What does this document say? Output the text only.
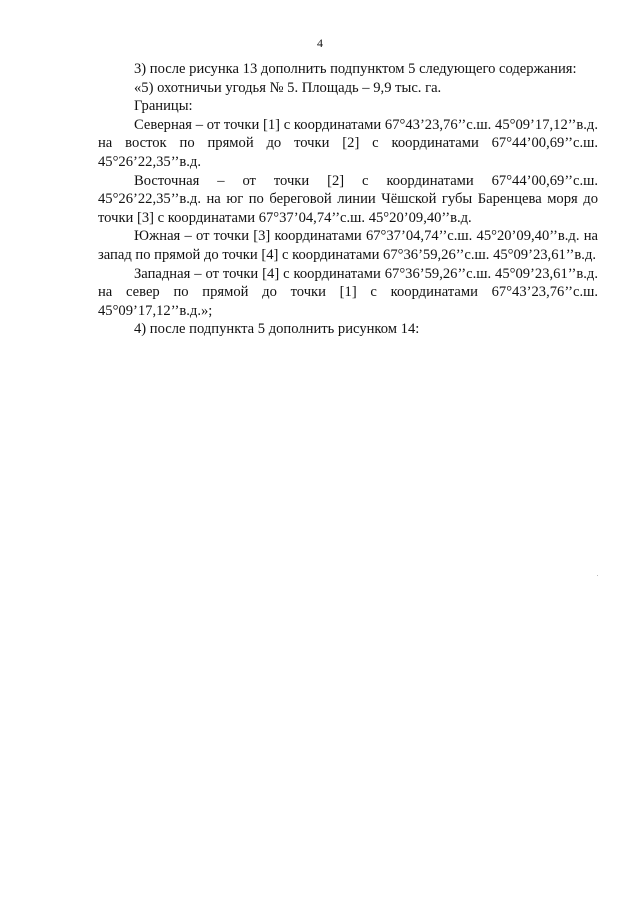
4

3) после рисунка 13 дополнить подпунктом 5 следующего содержания:

«5) охотничьи угодья № 5. Площадь – 9,9 тыс. га.

Границы:

Северная – от точки [1] с координатами 67°43’23,76’’с.ш. 45°09’17,12’’в.д. на восток по прямой до точки [2] с координатами 67°44’00,69’’с.ш. 45°26’22,35’’в.д.

Восточная – от точки [2] с координатами 67°44’00,69’’с.ш. 45°26’22,35’’в.д. на юг по береговой линии Чёшской губы Баренцева моря до точки [3] с координатами 67°37’04,74’’с.ш. 45°20’09,40’’в.д.

Южная – от точки [3] координатами 67°37’04,74’’с.ш. 45°20’09,40’’в.д. на запад по прямой до точки [4] с координатами 67°36’59,26’’с.ш. 45°09’23,61’’в.д.

Западная – от точки [4] с координатами 67°36’59,26’’с.ш. 45°09’23,61’’в.д. на север по прямой до точки [1] с координатами 67°43’23,76’’с.ш. 45°09’17,12’’в.д.»;

4) после подпункта 5 дополнить рисунком 14:
